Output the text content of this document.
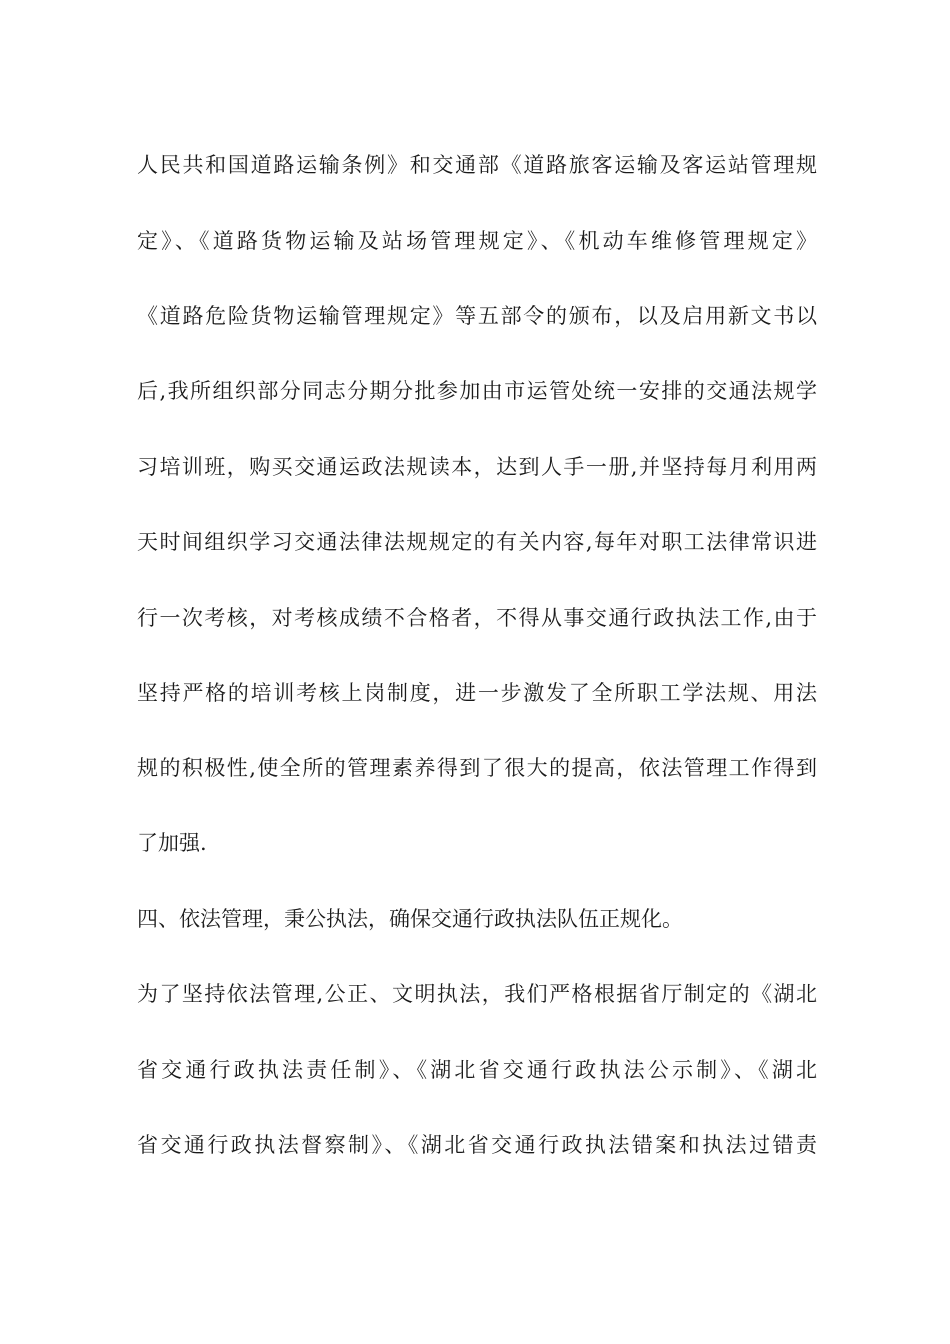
人民共和国道路运输条例》和交通部《道路旅客运输及客运站管理规
定》、《道路货物运输及站场管理规定》、《机动车维修管理规定》
《道路危险货物运输管理规定》等五部令的颁布，以及启用新文书以
后,我所组织部分同志分期分批参加由市运管处统一安排的交通法规学
习培训班，购买交通运政法规读本，达到人手一册,并坚持每月利用两
天时间组织学习交通法律法规规定的有关内容,每年对职工法律常识进
行一次考核，对考核成绩不合格者，不得从事交通行政执法工作,由于
坚持严格的培训考核上岗制度，进一步激发了全所职工学法规、用法
规的积极性,使全所的管理素养得到了很大的提高，依法管理工作得到
了加强.
四、依法管理，秉公执法，确保交通行政执法队伍正规化。
为了坚持依法管理,公正、文明执法，我们严格根据省厅制定的《湖北
省交通行政执法责任制》、《湖北省交通行政执法公示制》、《湖北
省交通行政执法督察制》、《湖北省交通行政执法错案和执法过错责
